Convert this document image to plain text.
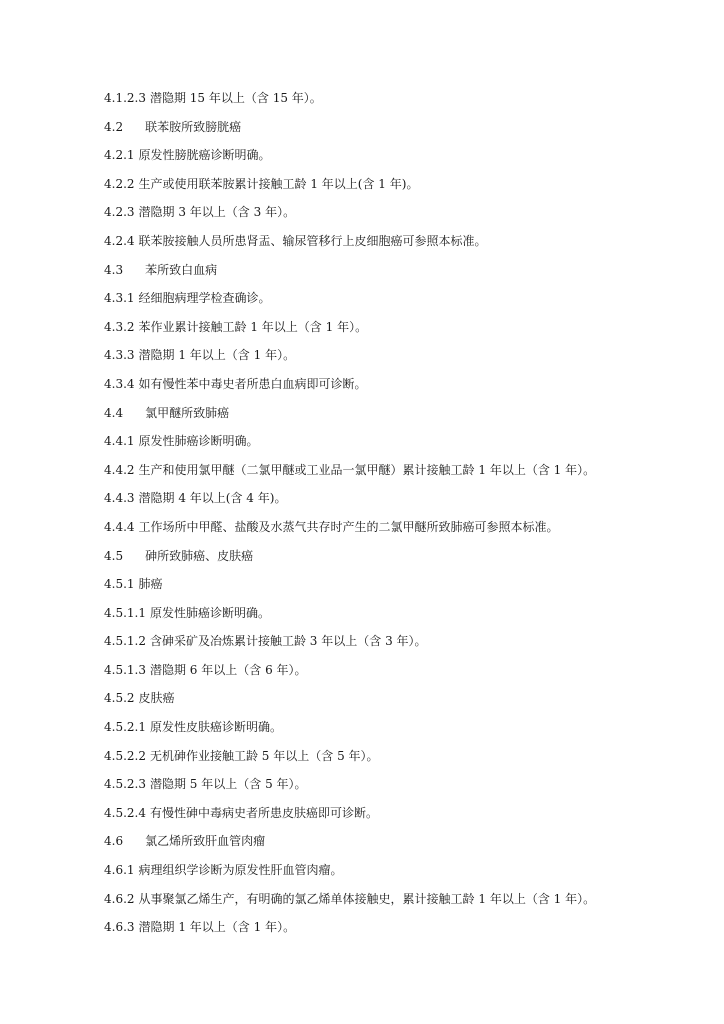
4.1.2.3 潜隐期 15 年以上（含 15 年）。
4.2 联苯胺所致膀胱癌
4.2.1 原发性膀胱癌诊断明确。
4.2.2 生产或使用联苯胺累计接触工龄 1 年以上(含 1 年)。
4.2.3 潜隐期 3 年以上（含 3 年）。
4.2.4 联苯胺接触人员所患肾盂、输尿管移行上皮细胞癌可参照本标准。
4.3 苯所致白血病
4.3.1 经细胞病理学检查确诊。
4.3.2 苯作业累计接触工龄 1 年以上（含 1 年）。
4.3.3 潜隐期 1 年以上（含 1 年）。
4.3.4 如有慢性苯中毒史者所患白血病即可诊断。
4.4 氯甲醚所致肺癌
4.4.1 原发性肺癌诊断明确。
4.4.2 生产和使用氯甲醚（二氯甲醚或工业品一氯甲醚）累计接触工龄 1 年以上（含 1 年）。
4.4.3 潜隐期 4 年以上(含 4 年)。
4.4.4 工作场所中甲醛、盐酸及水蒸气共存时产生的二氯甲醚所致肺癌可参照本标准。
4.5 砷所致肺癌、皮肤癌
4.5.1 肺癌
4.5.1.1 原发性肺癌诊断明确。
4.5.1.2 含砷采矿及冶炼累计接触工龄 3 年以上（含 3 年）。
4.5.1.3 潜隐期 6 年以上（含 6 年）。
4.5.2 皮肤癌
4.5.2.1 原发性皮肤癌诊断明确。
4.5.2.2 无机砷作业接触工龄 5 年以上（含 5 年）。
4.5.2.3 潜隐期 5 年以上（含 5 年）。
4.5.2.4 有慢性砷中毒病史者所患皮肤癌即可诊断。
4.6 氯乙烯所致肝血管肉瘤
4.6.1 病理组织学诊断为原发性肝血管肉瘤。
4.6.2 从事聚氯乙烯生产，有明确的氯乙烯单体接触史，累计接触工龄 1 年以上（含 1 年）。
4.6.3 潜隐期 1 年以上（含 1 年）。
